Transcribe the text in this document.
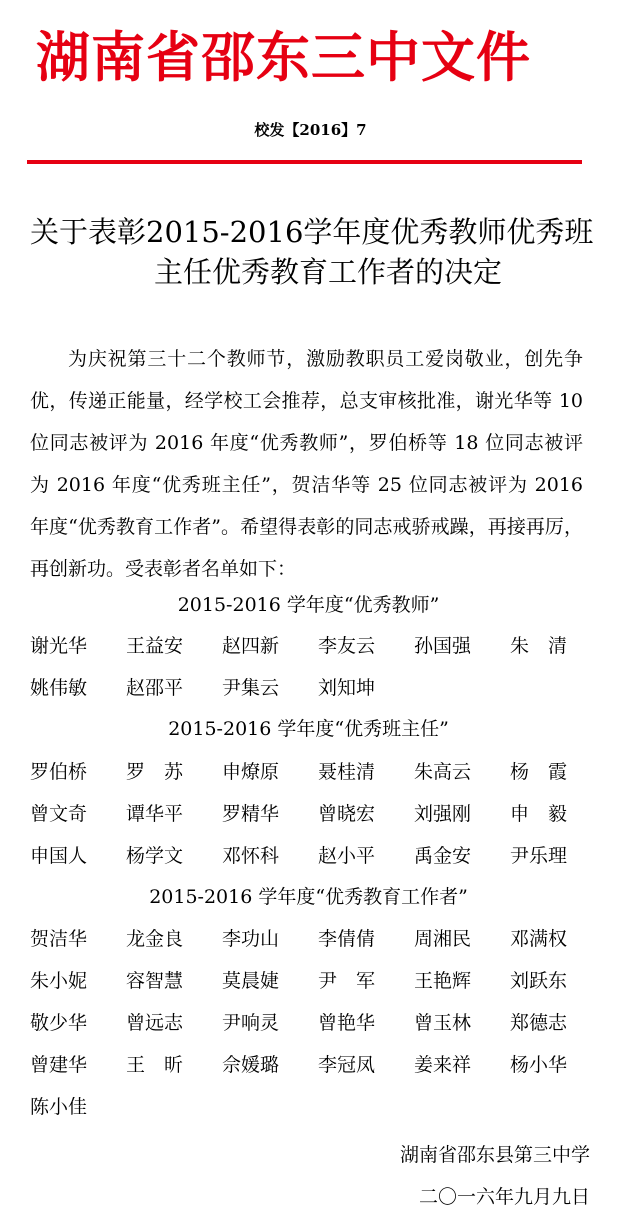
湖南省邵东三中文件
校发【2016】7
关于表彰2015-2016学年度优秀教师优秀班
主任优秀教育工作者的决定

为庆祝第三十二个教师节，激励教职员工爱岗敬业，创先争优，传递正能量，经学校工会推荐，总支审核批准，谢光华等 10 位同志被评为 2016 年度“优秀教师”，罗伯桥等 18 位同志被评为 2016 年度“优秀班主任”，贺洁华等 25 位同志被评为 2016 年度“优秀教育工作者”。希望得表彰的同志戒骄戒躁，再接再厉，再创新功。受表彰者名单如下：

2015-2016 学年度“优秀教师”
谢光华	王益安	赵四新	李友云	孙国强	朱　清
姚伟敏	赵邵平	尹集云	刘知坤
2015-2016 学年度“优秀班主任”
罗伯桥	罗　苏	申燎原	聂桂清	朱高云	杨　霞
曾文奇	谭华平	罗精华	曾晓宏	刘强刚	申　毅
申国人	杨学文	邓怀科	赵小平	禹金安	尹乐理
2015-2016 学年度“优秀教育工作者”
贺洁华	龙金良	李功山	李倩倩	周湘民	邓满权
朱小妮	容智慧	莫晨婕	尹　军	王艳辉	刘跃东
敬少华	曾远志	尹响灵	曾艳华	曾玉林	郑德志
曾建华	王　昕	佘媛璐	李冠凤	姜来祥	杨小华
陈小佳
湖南省邵东县第三中学
二〇一六年九月九日
